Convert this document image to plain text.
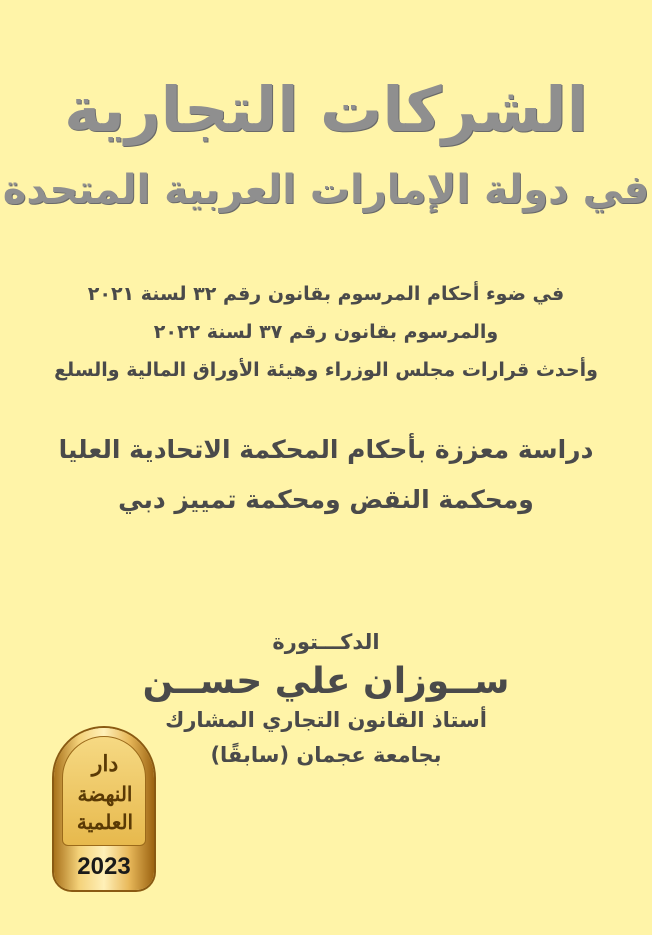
الشركات التجارية
في دولة الإمارات العربية المتحدة
في ضوء أحكام المرسوم بقانون رقم ٣٢ لسنة ٢٠٢١
والمرسوم بقانون رقم ٣٧ لسنة ٢٠٢٢
وأحدث قرارات مجلس الوزراء وهيئة الأوراق المالية والسلع
دراسة معززة بأحكام المحكمة الاتحادية العليا
ومحكمة النقض ومحكمة تمييز دبي
الدكـــتورة
ســوزان علي حســن
أستاذ القانون التجاري المشارك
بجامعة عجمان (سابقًا)
دار
النهضة
العلمية
2023
